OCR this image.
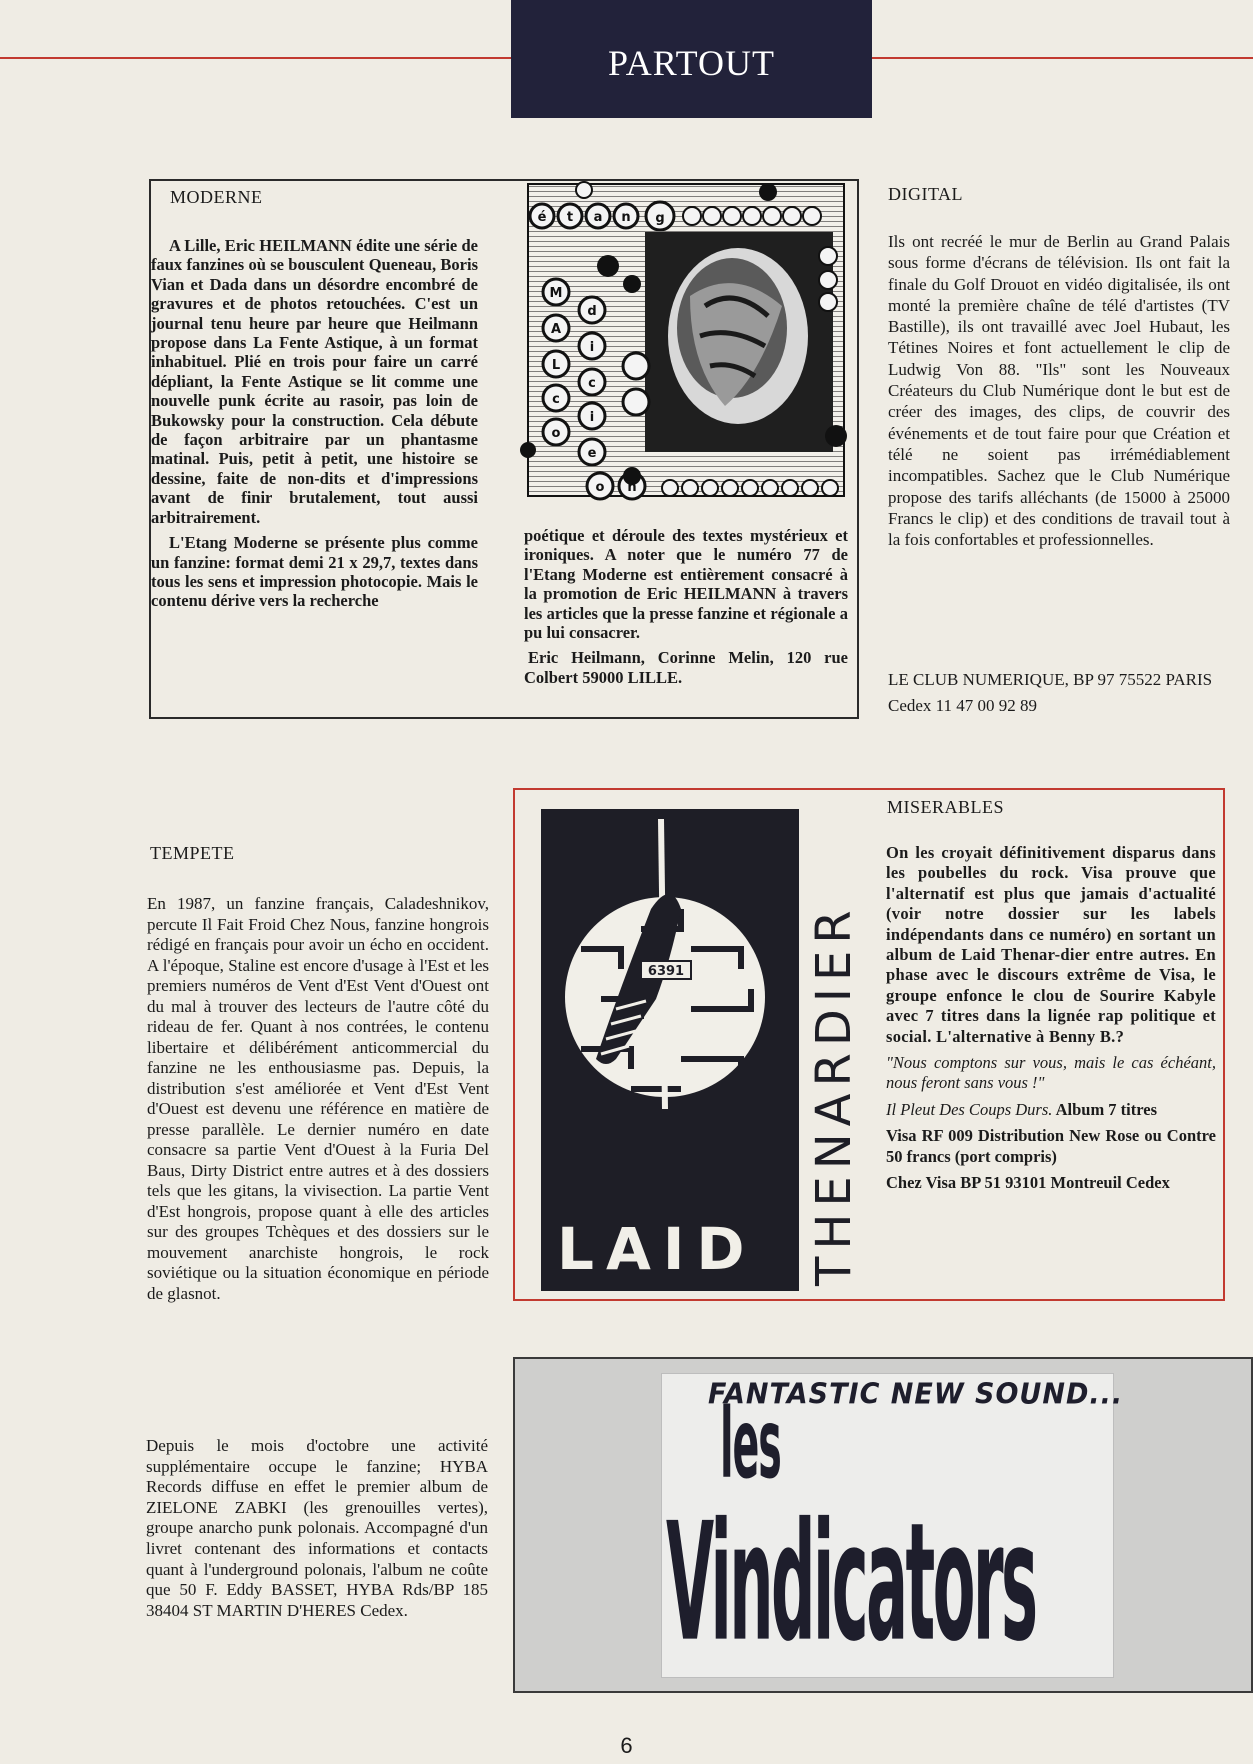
PARTOUT
MODERNE

A Lille, Eric HEILMANN édite une série de faux fanzines où se bousculent Queneau, Boris Vian et Dada dans un désordre encombré de gravures et de photos retouchées. C'est un journal tenu heure par heure que Heilmann propose dans La Fente Astique, à un format inhabituel. Plié en trois pour faire un carré dépliant, la Fente Astique se lit comme une nouvelle punk écrite au rasoir, pas loin de Bukowsky pour la construction. Cela débute de façon arbitraire par un phantasme matinal. Puis, petit à petit, une histoire se dessine, faite de non-dits et d'impressions avant de finir brutalement, tout aussi arbitrairement.

L'Etang Moderne se présente plus comme un fanzine: format demi 21 x 29,7, textes dans tous les sens et impression photocopie. Mais le contenu dérive vers la recherche

é t a n g
M
A
L
c
o
d
i
c
i
e
o n

poétique et déroule des textes mystérieux et ironiques. A noter que le numéro 77 de l'Etang Moderne est entièrement consacré à la promotion de Eric HEILMANN à travers les articles que la presse fanzine et régionale a pu lui consacrer.

Eric Heilmann, Corinne Melin, 120 rue Colbert 59000 LILLE.

DIGITAL
Ils ont recréé le mur de Berlin au Grand Palais sous forme d'écrans de télévision. Ils ont fait la finale du Golf Drouot en vidéo digitalisée, ils ont monté la première chaîne de télé d'artistes (TV Bastille), ils ont travaillé avec Joel Hubaut, les Tétines Noires et font actuellement le clip de Ludwig Von 88. "Ils" sont les Nouveaux Créateurs du Club Numérique dont le but est de créer des images, des clips, de couvrir des événements et de tout faire pour que Création et télé ne soient pas irrémédiablement incompatibles. Sachez que le Club Numérique propose des tarifs alléchants (de 15000 à 25000 Francs le clip) et des conditions de travail tout à la fois confortables et professionnelles.
LE CLUB NUMERIQUE, BP 97 75522 PARIS Cedex 11 47 00 92 89
TEMPETE
En 1987, un fanzine français, Caladeshnikov, percute Il Fait Froid Chez Nous, fanzine hongrois rédigé en français pour avoir un écho en occident. A l'époque, Staline est encore d'usage à l'Est et les premiers numéros de Vent d'Est Vent d'Ouest ont du mal à trouver des lecteurs de l'autre côté du rideau de fer. Quant à nos contrées, le contenu libertaire et délibérément anticommercial du fanzine ne les enthousiasme pas. Depuis, la distribution s'est améliorée et Vent d'Est Vent d'Ouest est devenu une référence en matière de presse parallèle. Le dernier numéro en date consacre sa partie Vent d'Ouest à la Furia Del Baus, Dirty District entre autres et à des dossiers tels que les gitans, la vivisection. La partie Vent d'Est hongrois, propose quant à elle des articles sur des groupes Tchèques et des dossiers sur le mouvement anarchiste hongrois, le rock soviétique ou la situation économique en période de glasnot.
Depuis le mois d'octobre une activité supplémentaire occupe le fanzine; HYBA Records diffuse en effet le premier album de ZIELONE ZABKI (les grenouilles vertes), groupe anarcho punk polonais. Accompagné d'un livret contenant des informations et contacts quant à l'underground polonais, l'album ne coûte que 50 F. Eddy BASSET, HYBA Rds/BP 185 38404 ST MARTIN D'HERES Cedex.
6391
LAID THENARDIER
MISERABLES

On les croyait définitivement disparus dans les poubelles du rock. Visa prouve que l'alternatif est plus que jamais d'actualité (voir notre dossier sur les labels indépendants dans ce numéro) en sortant un album de Laid Thenar-dier entre autres. En phase avec le discours extrême de Visa, le groupe enfonce le clou de Sourire Kabyle avec 7 titres dans la lignée rap politique et social. L'alternative à Benny B.?

"Nous comptons sur vous, mais le cas échéant, nous feront sans vous !"

Il Pleut Des Coups Durs. Album 7 titres

Visa RF 009 Distribution New Rose ou Contre 50 francs (port compris)

Chez Visa BP 51 93101 Montreuil Cedex

FANTASTIC NEW SOUND...
les
Vindicators
6
